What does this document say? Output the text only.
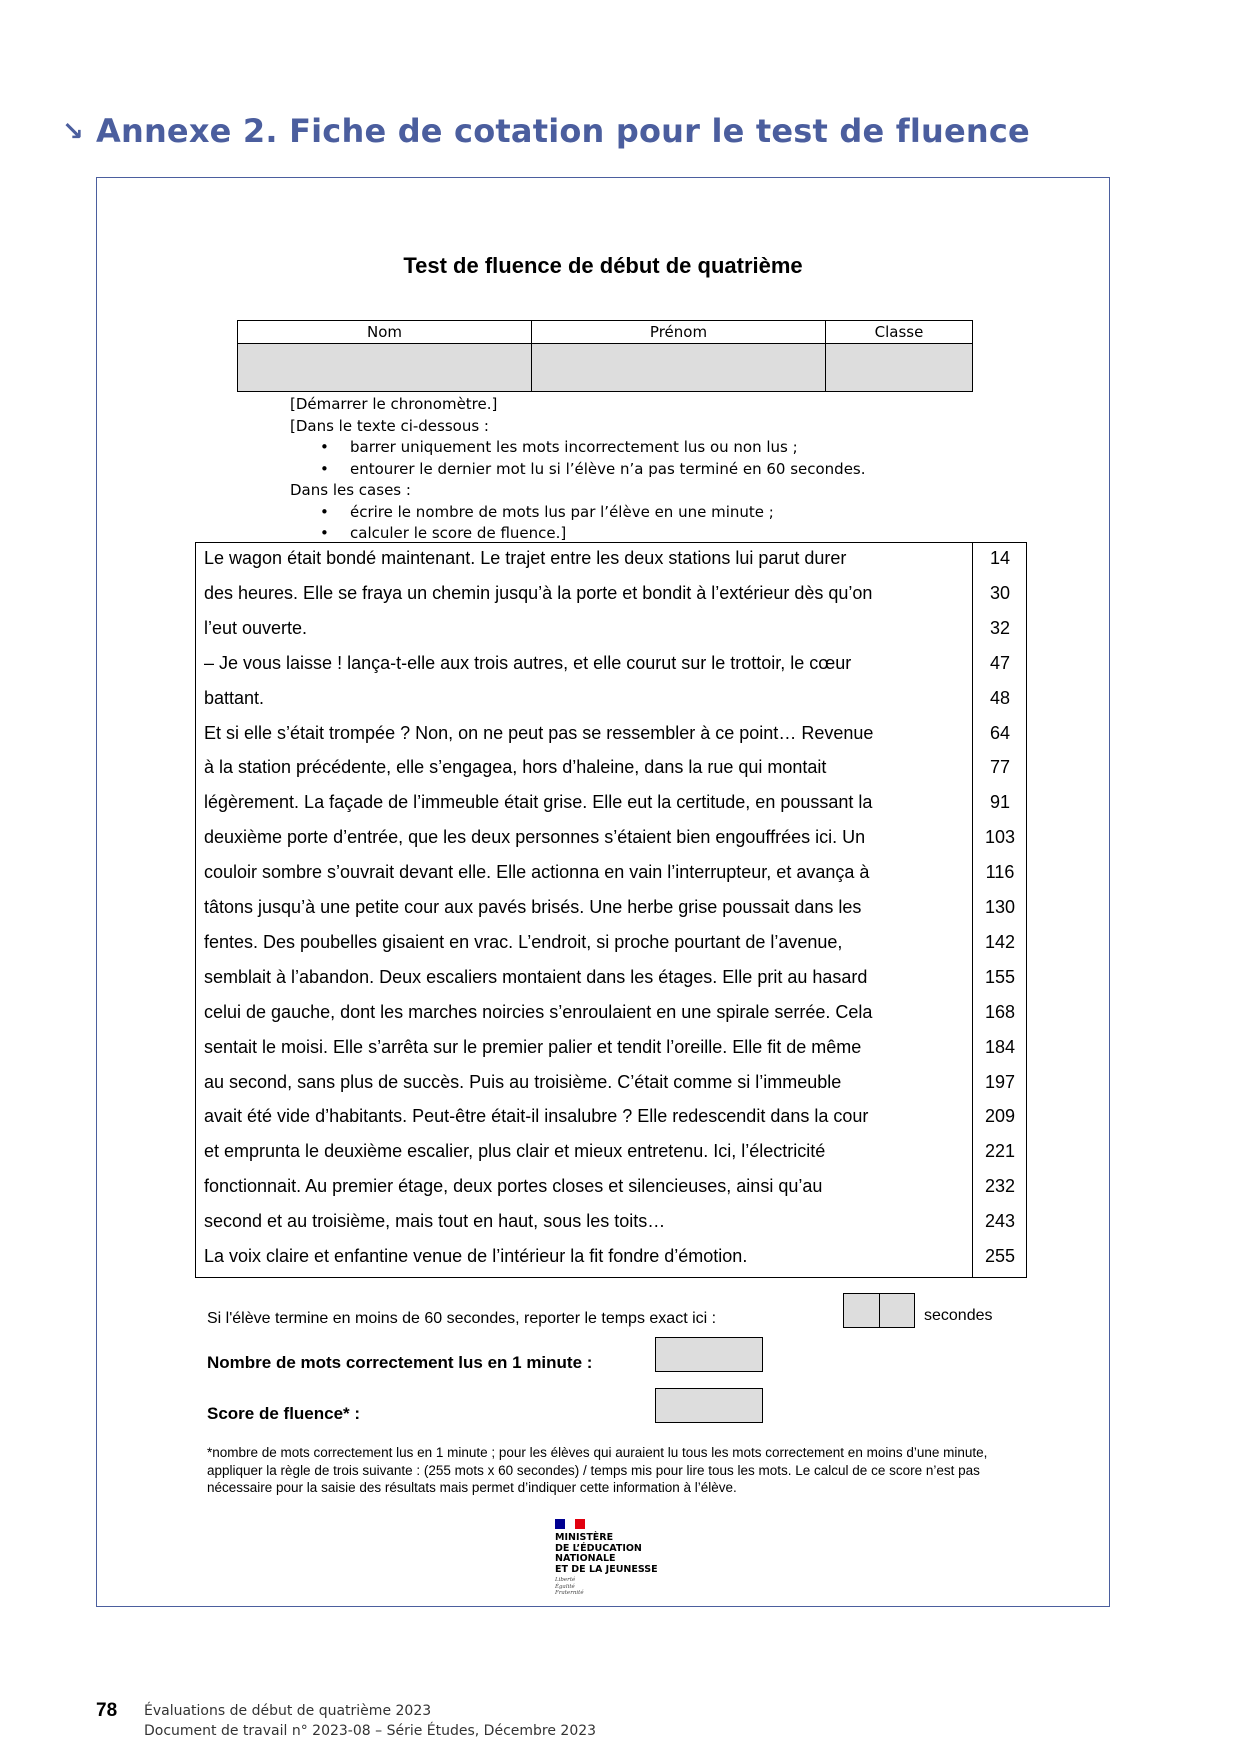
↘ Annexe 2. Fiche de cotation pour le test de fluence
Test de fluence de début de quatrième
Nom	Prénom	Classe

[Démarrer le chronomètre.]
[Dans le texte ci-dessous :
• barrer uniquement les mots incorrectement lus ou non lus ;
• entourer le dernier mot lu si l’élève n’a pas terminé en 60 secondes.
Dans les cases :
• écrire le nombre de mots lus par l’élève en une minute ;
• calculer le score de fluence.]
Le wagon était bondé maintenant. Le trajet entre les deux stations lui parut durer	14
des heures. Elle se fraya un chemin jusqu’à la porte et bondit à l’extérieur dès qu’on	30
l’eut ouverte.	32
– Je vous laisse ! lança-t-elle aux trois autres, et elle courut sur le trottoir, le cœur	47
battant.	48
Et si elle s’était trompée ? Non, on ne peut pas se ressembler à ce point… Revenue	64
à la station précédente, elle s’engagea, hors d’haleine, dans la rue qui montait	77
légèrement. La façade de l’immeuble était grise. Elle eut la certitude, en poussant la	91
deuxième porte d’entrée, que les deux personnes s’étaient bien engouffrées ici. Un	103
couloir sombre s’ouvrait devant elle. Elle actionna en vain l’interrupteur, et avança à	116
tâtons jusqu’à une petite cour aux pavés brisés. Une herbe grise poussait dans les	130
fentes. Des poubelles gisaient en vrac. L’endroit, si proche pourtant de l’avenue,	142
semblait à l’abandon. Deux escaliers montaient dans les étages. Elle prit au hasard	155
celui de gauche, dont les marches noircies s’enroulaient en une spirale serrée. Cela	168
sentait le moisi. Elle s’arrêta sur le premier palier et tendit l’oreille. Elle fit de même	184
au second, sans plus de succès. Puis au troisième. C’était comme si l’immeuble	197
avait été vide d’habitants. Peut-être était-il insalubre ? Elle redescendit dans la cour	209
et emprunta le deuxième escalier, plus clair et mieux entretenu. Ici, l’électricité	221
fonctionnait. Au premier étage, deux portes closes et silencieuses, ainsi qu’au	232
second et au troisième, mais tout en haut, sous les toits…	243
La voix claire et enfantine venue de l’intérieur la fit fondre d’émotion.	255
Si l'élève termine en moins de 60 secondes, reporter le temps exact ici :	secondes
Nombre de mots correctement lus en 1 minute :
Score de fluence* :
*nombre de mots correctement lus en 1 minute ; pour les élèves qui auraient lu tous les mots correctement en moins d’une minute, appliquer la règle de trois suivante : (255 mots x 60 secondes) / temps mis pour lire tous les mots. Le calcul de ce score n’est pas nécessaire pour la saisie des résultats mais permet d’indiquer cette information à l’élève.
MINISTÈRE
DE L’ÉDUCATION
NATIONALE
ET DE LA JEUNESSE
Liberté
Égalité
Fraternité
78 Évaluations de début de quatrième 2023
Document de travail n° 2023-08 – Série Études, Décembre 2023
